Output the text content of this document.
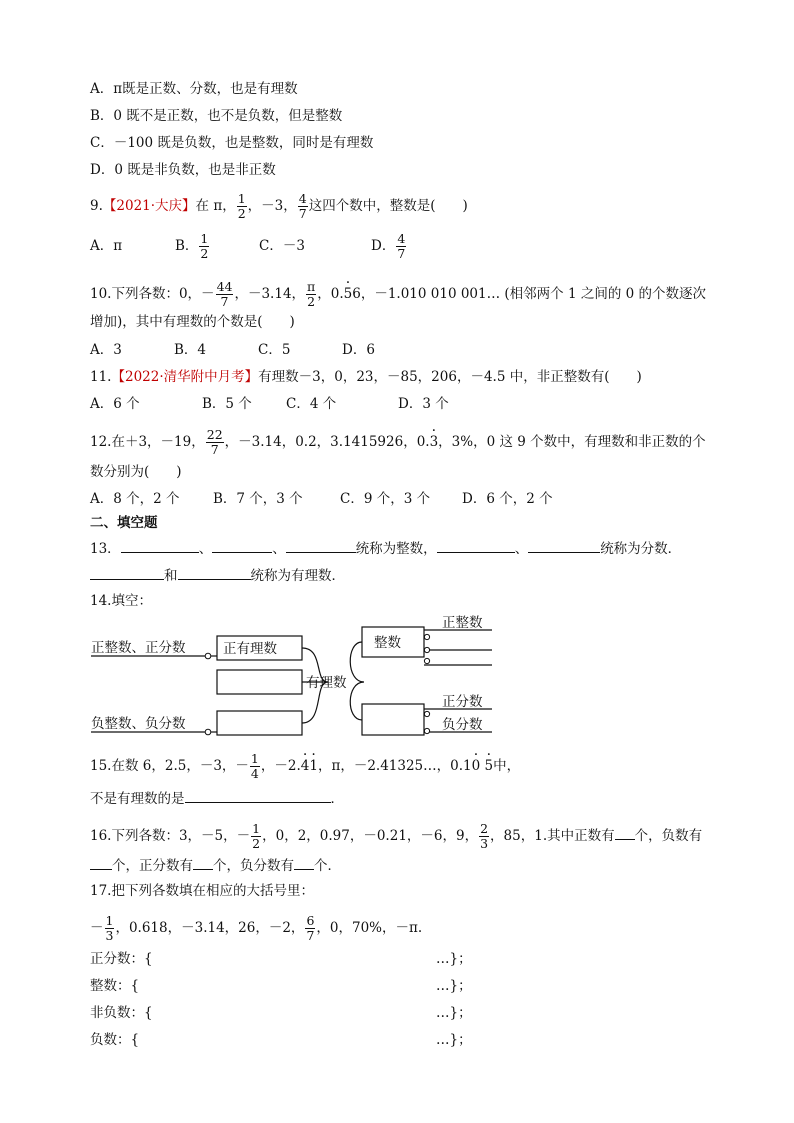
A．π既是正数、分数，也是有理数
B．0 既不是正数，也不是负数，但是整数
C．－100 既是负数，也是整数，同时是有理数
D．0 既是非负数，也是非正数
9.【2021·大庆】在 π， $\frac{1}{2}$ ，－3， $\frac{4}{7}$ 这四个数中，整数是(　　)
A．π	B． $\frac{1}{2}$	C．－3	D． $\frac{4}{7}$
10.下列各数：0，－ $\frac{44}{7}$ ，－3.14， $\frac{\pi}{2}$ ，0.· 56，－1.010 010 001… (相邻两个 1 之间的 0 的个数逐次
增加)，其中有理数的个数是(　　)
A．3	B．4	C．5	D．6
11.【2022·清华附中月考】有理数－3，0，23，－85，206，－4.5 中，非正整数有(　　)
A．6 个	B．5 个	C．4 个	D．3 个
12.在＋3，－19， $\frac{22}{7}$ ，－3.14，0.2，3.1415926，0.· 3，3%，0 这 9 个数中，有理数和非正数的个
数分别为(　　)
A．8 个，2 个 B．7 个，3 个	C．9 个，3 个 D．6 个，2 个
二、填空题
13．	、	、	统称为整数，	、	统称为分数．
和	统称为有理数．
14.填空：
正整数、正分数
负整数、负分数
正有理数
有理数
整数
正整数
正分数
负分数
15.在数 6，2.5，－3，－ $\frac{1}{4}$ ，－2.· 4· 1，π，－2.41325…，0.1· 0 · 5中，
不是有理数的是	．
16.下列各数：3，－5，－ $\frac{1}{2}$ ，0，2，0.97，－0.21，－6，9， $\frac{2}{3}$ ，85，1.其中正数有 个，负数有
个，正分数有 个，负分数有 个．
17.把下列各数填在相应的大括号里：
－ $\frac{1}{3}$ ，0.618，－3.14，26，－2， $\frac{6}{7}$ ，0，70%，－π.
正分数：{	…}；
整数：{	…}；
非负数：{	…}；
负数：{	…}；
